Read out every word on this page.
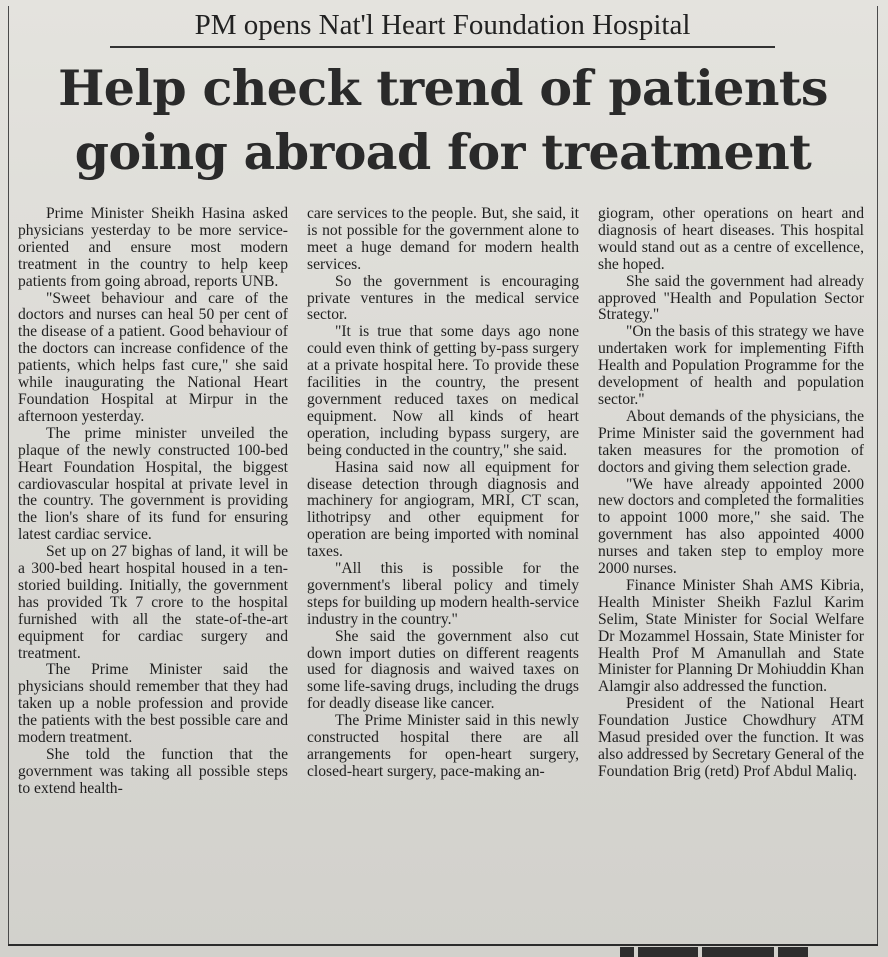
PM opens Nat'l Heart Foundation Hospital
Help check trend of patients
going abroad for treatment

Prime Minister Sheikh Hasina asked physicians yesterday to be more service-oriented and ensure most modern treatment in the country to help keep patients from going abroad, reports UNB.

"Sweet behaviour and care of the doctors and nurses can heal 50 per cent of the disease of a patient. Good behaviour of the doctors can increase confidence of the patients, which helps fast cure," she said while inaugurating the National Heart Foundation Hospital at Mirpur in the afternoon yesterday.

The prime minister unveiled the plaque of the newly constructed 100-bed Heart Foundation Hospital, the biggest cardiovascular hospital at private level in the country. The government is providing the lion's share of its fund for ensuring latest cardiac service.

Set up on 27 bighas of land, it will be a 300-bed heart hospital housed in a ten-storied building. Initially, the government has provided Tk 7 crore to the hospital furnished with all the state-of-the-art equipment for cardiac surgery and treatment.

The Prime Minister said the physicians should remember that they had taken up a noble profession and provide the patients with the best possible care and modern treatment.

She told the function that the government was taking all possible steps to extend health-

care services to the people. But, she said, it is not possible for the government alone to meet a huge demand for modern health services.

So the government is encouraging private ventures in the medical service sector.

"It is true that some days ago none could even think of getting by-pass surgery at a private hospital here. To provide these facilities in the country, the present government reduced taxes on medical equipment. Now all kinds of heart operation, including bypass surgery, are being conducted in the country," she said.

Hasina said now all equipment for disease detection through diagnosis and machinery for angiogram, MRI, CT scan, lithotripsy and other equipment for operation are being imported with nominal taxes.

"All this is possible for the government's liberal policy and timely steps for building up modern health-service industry in the country."

She said the government also cut down import duties on different reagents used for diagnosis and waived taxes on some life-saving drugs, including the drugs for deadly disease like cancer.

The Prime Minister said in this newly constructed hospital there are all arrangements for open-heart surgery, closed-heart surgery, pace-making an-

giogram, other operations on heart and diagnosis of heart diseases. This hospital would stand out as a centre of excellence, she hoped.

She said the government had already approved "Health and Population Sector Strategy."

"On the basis of this strategy we have undertaken work for implementing Fifth Health and Population Programme for the development of health and population sector."

About demands of the physicians, the Prime Minister said the government had taken measures for the promotion of doctors and giving them selection grade.

"We have already appointed 2000 new doctors and completed the formalities to appoint 1000 more," she said. The government has also appointed 4000 nurses and taken step to employ more 2000 nurses.

Finance Minister Shah AMS Kibria, Health Minister Sheikh Fazlul Karim Selim, State Minister for Social Welfare Dr Mozammel Hossain, State Minister for Health Prof M Amanullah and State Minister for Planning Dr Mohiuddin Khan Alamgir also addressed the function.

President of the National Heart Foundation Justice Chowdhury ATM Masud presided over the function. It was also addressed by Secretary General of the Foundation Brig (retd) Prof Abdul Maliq.
